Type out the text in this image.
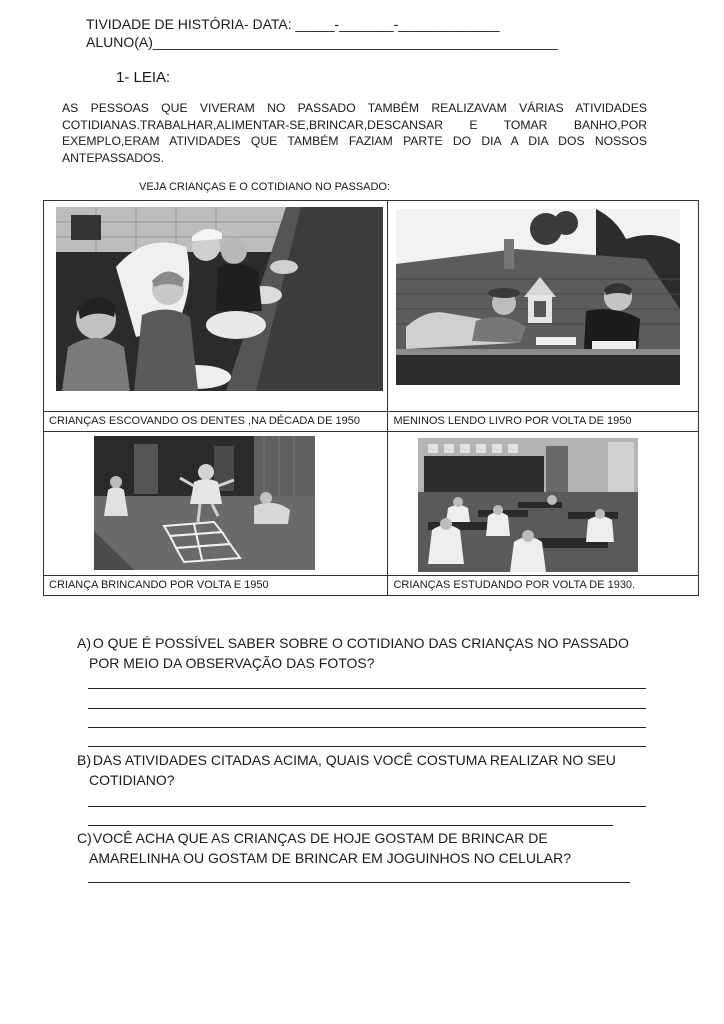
TIVIDADE DE HISTÓRIA- DATA: _____-_______-_____________
ALUNO(A)____________________________________________________
1- LEIA:
AS PESSOAS QUE VIVERAM NO PASSADO TAMBÉM REALIZAVAM VÁRIAS ATIVIDADES COTIDIANAS.TRABALHAR,ALIMENTAR-SE,BRINCAR,DESCANSAR E TOMAR BANHO,POR EXEMPLO,ERAM ATIVIDADES QUE TAMBÉM FAZIAM PARTE DO DIA A DIA DOS NOSSOS ANTEPASSADOS.
VEJA CRIANÇAS E O COTIDIANO NO PASSADO:

CRIANÇAS ESCOVANDO OS DENTES ,NA DÉCADA DE 1950	MENINOS LENDO LIVRO POR VOLTA DE 1950

CRIANÇA BRINCANDO POR VOLTA E 1950	CRIANÇAS ESTUDANDO POR VOLTA DE 1930.
A) O QUE É POSSÍVEL SABER SOBRE O COTIDIANO DAS CRIANÇAS NO PASSADO
POR MEIO DA OBSERVAÇÃO DAS FOTOS?
B) DAS ATIVIDADES CITADAS ACIMA, QUAIS VOCÊ COSTUMA REALIZAR NO SEU
COTIDIANO?
C) VOCÊ ACHA QUE AS CRIANÇAS DE HOJE GOSTAM DE BRINCAR DE
AMARELINHA OU GOSTAM DE BRINCAR EM JOGUINHOS NO CELULAR?
